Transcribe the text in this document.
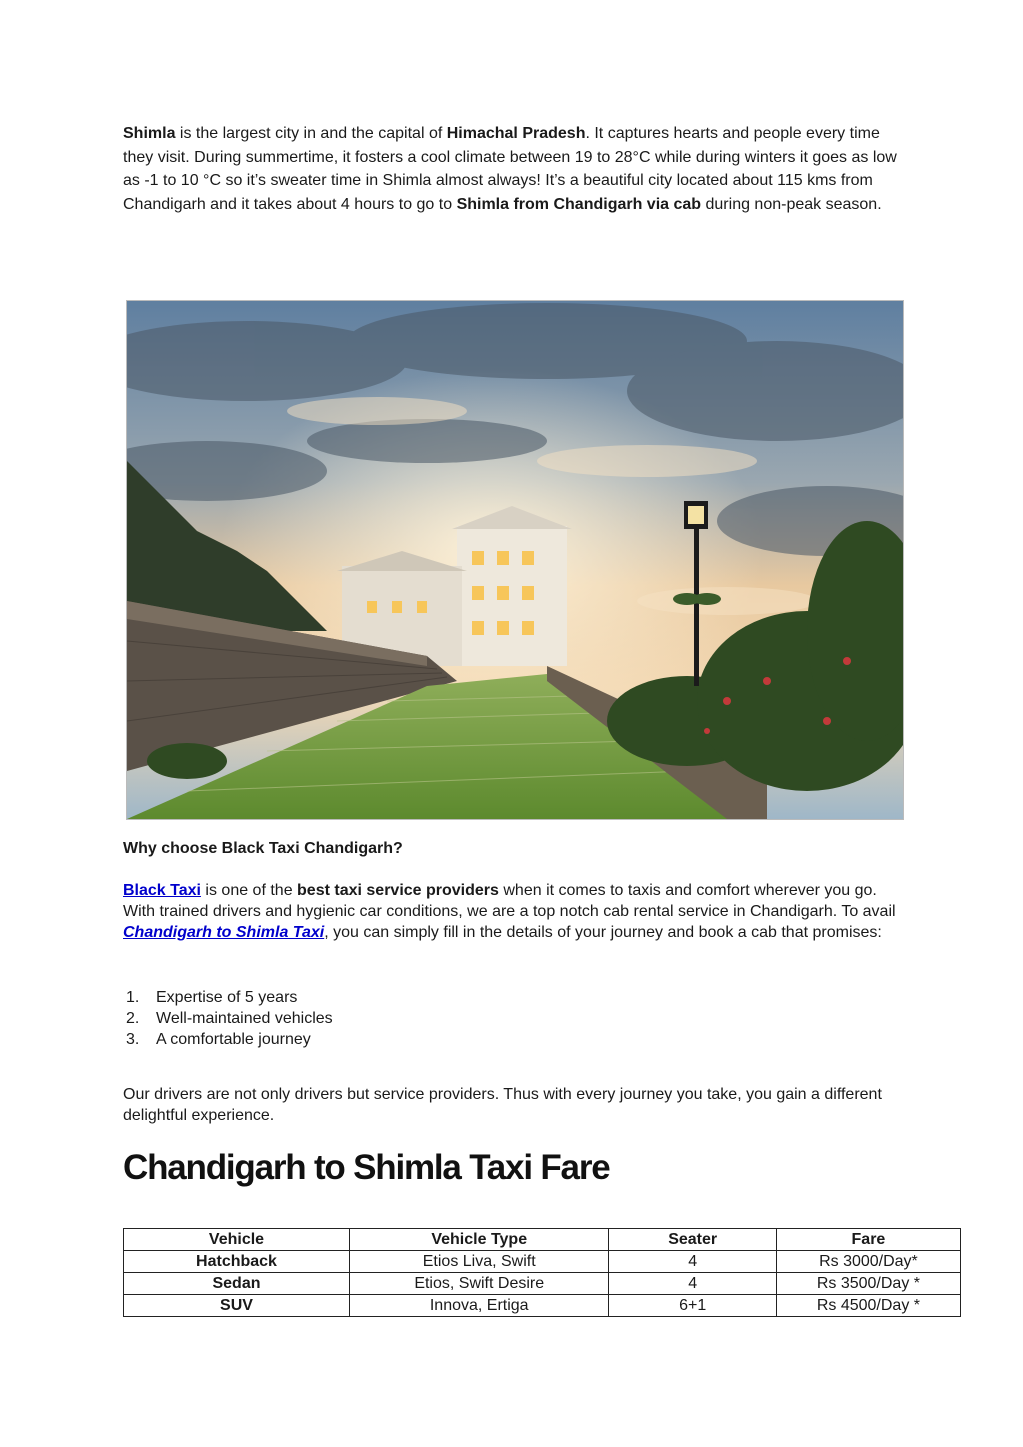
Shimla is the largest city in and the capital of Himachal Pradesh. It captures hearts and people every time they visit. During summertime, it fosters a cool climate between 19 to 28°C while during winters it goes as low as -1 to 10 °C so it’s sweater time in Shimla almost always! It’s a beautiful city located about 115 kms from Chandigarh and it takes about 4 hours to go to Shimla from Chandigarh via cab during non-peak season.

Why choose Black Taxi Chandigarh?

Black Taxi is one of the best taxi service providers when it comes to taxis and comfort wherever you go. With trained drivers and hygienic car conditions, we are a top notch cab rental service in Chandigarh. To avail Chandigarh to Shimla Taxi, you can simply fill in the details of your journey and book a cab that promises:

1. Expertise of 5 years
2. Well-maintained vehicles
3. A comfortable journey

Our drivers are not only drivers but service providers. Thus with every journey you take, you gain a different delightful experience.

Chandigarh to Shimla Taxi Fare
Vehicle	Vehicle Type	Seater	Fare
Hatchback	Etios Liva, Swift	4	Rs 3000/Day*
Sedan	Etios, Swift Desire	4	Rs 3500/Day *
SUV	Innova, Ertiga	6+1	Rs 4500/Day *
